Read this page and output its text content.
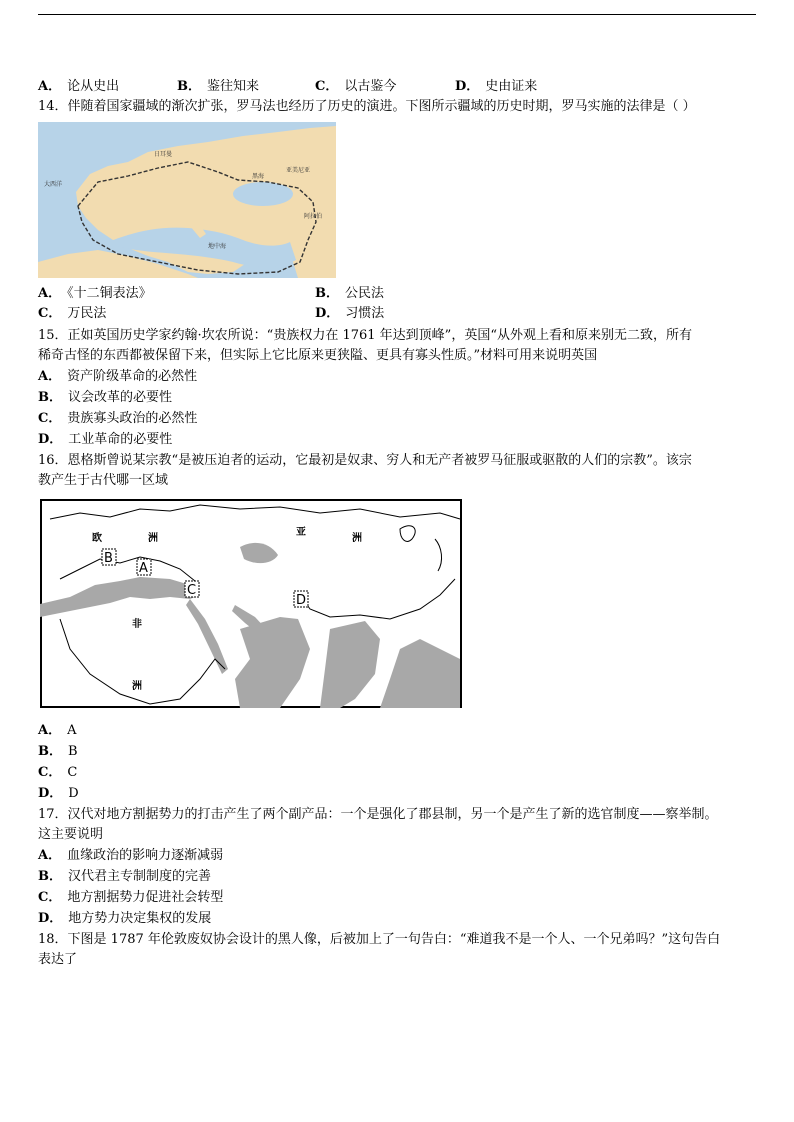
A． 论从史出	B． 鉴往知来	C． 以古鉴今	D． 史由证来
14．伴随着国家疆域的渐次扩张，罗马法也经历了历史的演进。下图所示疆域的历史时期，罗马实施的法律是（ ）
大西洋
日耳曼
黑海
亚美尼亚
地中海
阿拉伯
A． 《十二铜表法》	B． 公民法
C． 万民法	D． 习惯法
15．正如英国历史学家约翰·坎农所说：“贵族权力在 1761 年达到顶峰”，英国“从外观上看和原来别无二致，所有
稀奇古怪的东西都被保留下来，但实际上它比原来更狭隘、更具有寡头性质。”材料可用来说明英国
A． 资产阶级革命的必然性
B． 议会改革的必要性
C． 贵族寡头政治的必然性
D． 工业革命的必要性
16．恩格斯曾说某宗教“是被压迫者的运动，它最初是奴隶、穷人和无产者被罗马征服或驱散的人们的宗教”。该宗
教产生于古代哪一区域
欧	洲
亚
洲
非
洲
B
A
C
D
A． A
B． B
C． C
D． D
17．汉代对地方割据势力的打击产生了两个副产品：一个是强化了郡县制，另一个是产生了新的选官制度——察举制。
这主要说明
A． 血缘政治的影响力逐渐减弱
B． 汉代君主专制制度的完善
C． 地方割据势力促进社会转型
D． 地方势力决定集权的发展
18．下图是 1787 年伦敦废奴协会设计的黑人像，后被加上了一句告白：“难道我不是一个人、一个兄弟吗？”这句告白
表达了
